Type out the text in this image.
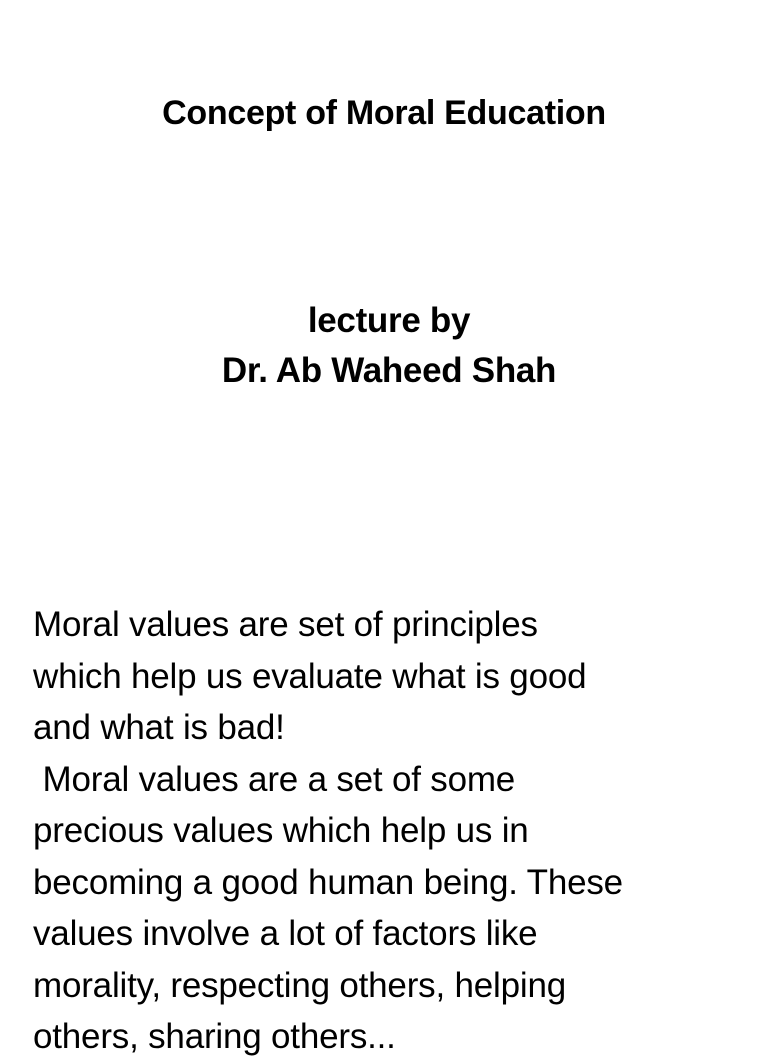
Concept of Moral Education
lecture by
Dr. Ab Waheed Shah
Moral values are set of principles
which help us evaluate what is good
and what is bad!
Moral values are a set of some
precious values which help us in
becoming a good human being. These
values involve a lot of factors like
morality, respecting others, helping
others, sharing others...
